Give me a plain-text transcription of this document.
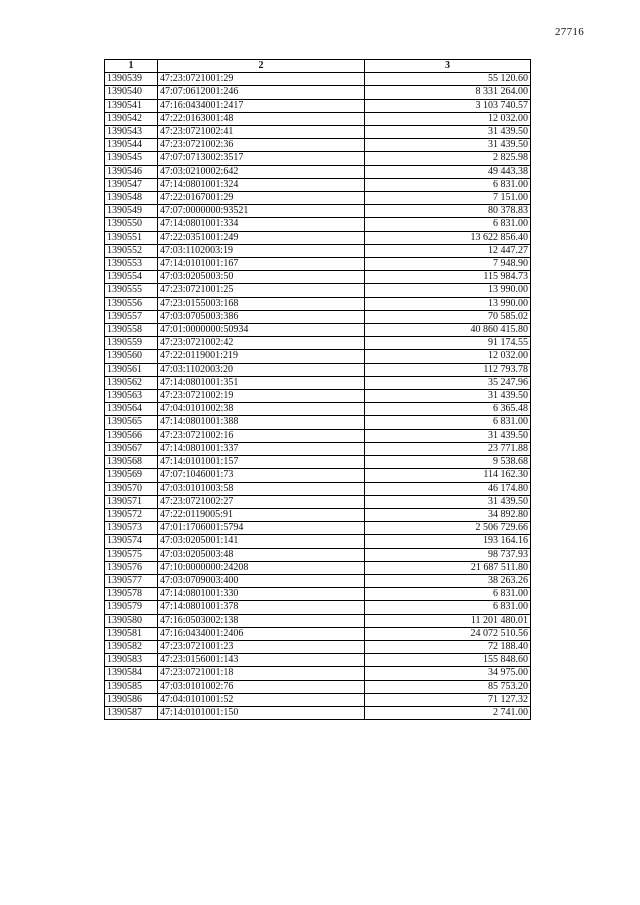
27716
1	2	3
1390539	47:23:0721001:29	55 120.60
1390540	47:07:0612001:246	8 331 264.00
1390541	47:16:0434001:2417	3 103 740.57
1390542	47:22:0163001:48	12 032.00
1390543	47:23:0721002:41	31 439.50
1390544	47:23:0721002:36	31 439.50
1390545	47:07:0713002:3517	2 825.98
1390546	47:03:0210002:642	49 443.38
1390547	47:14:0801001:324	6 831.00
1390548	47:22:0167001:29	7 151.00
1390549	47:07:0000000:93521	80 378.83
1390550	47:14:0801001:334	6 831.00
1390551	47:22:0351001:249	13 622 856.40
1390552	47:03:1102003:19	12 447.27
1390553	47:14:0101001:167	7 948.90
1390554	47:03:0205003:50	115 984.73
1390555	47:23:0721001:25	13 990.00
1390556	47:23:0155003:168	13 990.00
1390557	47:03:0705003:386	70 585.02
1390558	47:01:0000000:50934	40 860 415.80
1390559	47:23:0721002:42	91 174.55
1390560	47:22:0119001:219	12 032.00
1390561	47:03:1102003:20	112 793.78
1390562	47:14:0801001:351	35 247.96
1390563	47:23:0721002:19	31 439.50
1390564	47:04:0101002:38	6 365.48
1390565	47:14:0801001:388	6 831.00
1390566	47:23:0721002:16	31 439.50
1390567	47:14:0801001:337	23 771.88
1390568	47:14:0101001:157	9 538.68
1390569	47:07:1046001:73	114 162.30
1390570	47:03:0101003:58	46 174.80
1390571	47:23:0721002:27	31 439.50
1390572	47:22:0119005:91	34 892.80
1390573	47:01:1706001:5794	2 506 729.66
1390574	47:03:0205001:141	193 164.16
1390575	47:03:0205003:48	98 737.93
1390576	47:10:0000000:24208	21 687 511.80
1390577	47:03:0709003:400	38 263.26
1390578	47:14:0801001:330	6 831.00
1390579	47:14:0801001:378	6 831.00
1390580	47:16:0503002:138	11 201 480.01
1390581	47:16:0434001:2406	24 072 510.56
1390582	47:23:0721001:23	72 188.40
1390583	47:23:0156001:143	155 848.60
1390584	47:23:0721001:18	34 975.00
1390585	47:03:0101002:76	85 753.20
1390586	47:04:0101001:52	71 127.32
1390587	47:14:0101001:150	2 741.00
